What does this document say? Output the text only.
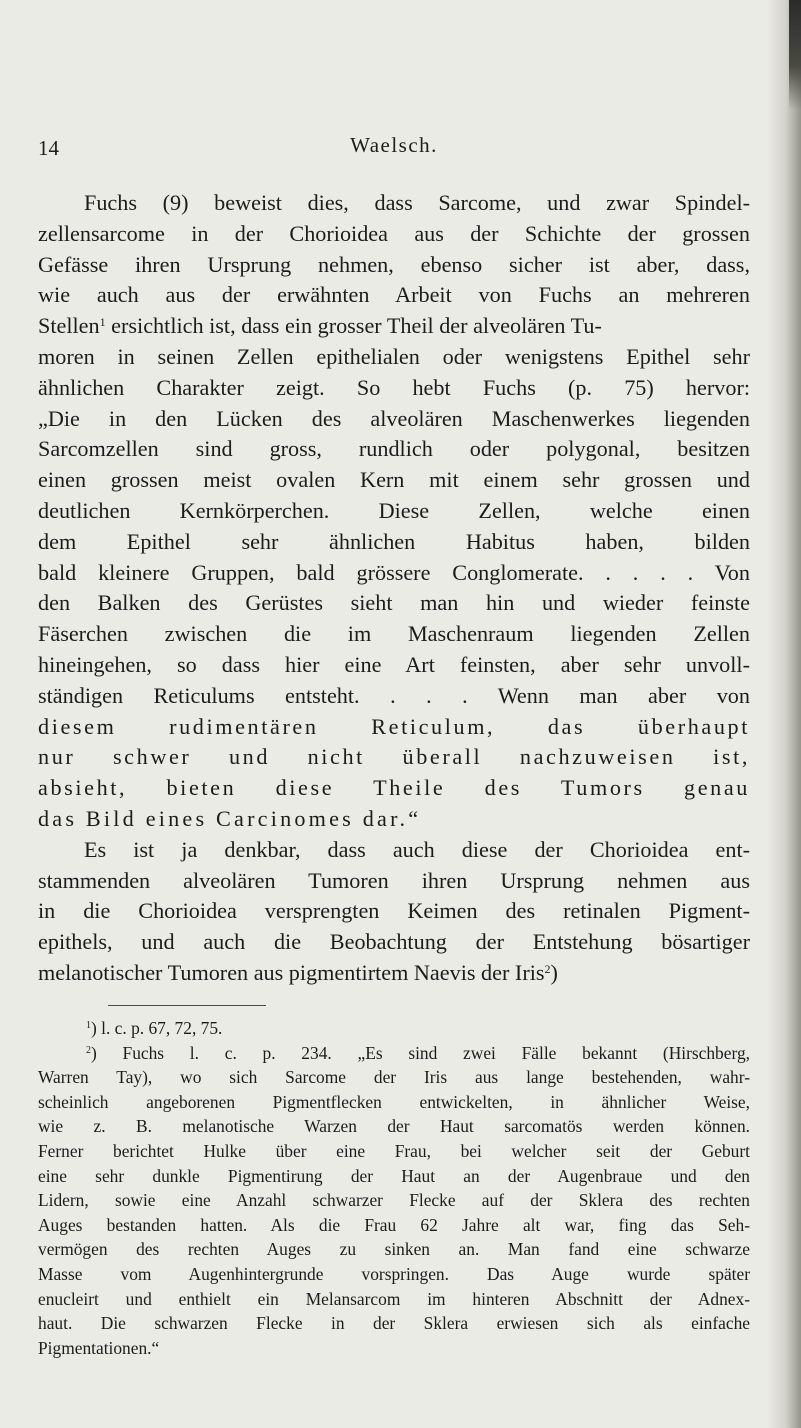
14	Waelsch.
Fuchs (9) beweist dies, dass Sarcome, und zwar Spindel-
zellensarcome in der Chorioidea aus der Schichte der grossen
Gefässe ihren Ursprung nehmen, ebenso sicher ist aber, dass,
wie auch aus der erwähnten Arbeit von Fuchs an mehreren
Stellen$^1$ ersichtlich ist, dass ein grosser Theil der alveolären Tu-
moren in seinen Zellen epithelialen oder wenigstens Epithel sehr
ähnlichen Charakter zeigt. So hebt Fuchs (p. 75) hervor:
„Die in den Lücken des alveolären Maschenwerkes liegenden
Sarcomzellen sind gross, rundlich oder polygonal, besitzen
einen grossen meist ovalen Kern mit einem sehr grossen und
deutlichen Kernkörperchen. Diese Zellen, welche einen
dem Epithel sehr ähnlichen Habitus haben, bilden
bald kleinere Gruppen, bald grössere Conglomerate. . . . . Von
den Balken des Gerüstes sieht man hin und wieder feinste
Fäserchen zwischen die im Maschenraum liegenden Zellen
hineingehen, so dass hier eine Art feinsten, aber sehr unvoll-
ständigen Reticulums entsteht. . . . Wenn man aber von
diesem rudimentären Reticulum, das überhaupt
nur schwer und nicht überall nachzuweisen ist,
absieht, bieten diese Theile des Tumors genau
das Bild eines Carcinomes dar.“
Es ist ja denkbar, dass auch diese der Chorioidea ent-
stammenden alveolären Tumoren ihren Ursprung nehmen aus
in die Chorioidea versprengten Keimen des retinalen Pigment-
epithels, und auch die Beobachtung der Entstehung bösartiger
melanotischer Tumoren aus pigmentirtem Naevis der Iris$^2$)
$^1$) l. c. p. 67, 72, 75.
$^2$) Fuchs l. c. p. 234. „Es sind zwei Fälle bekannt (Hirschberg,
Warren Tay), wo sich Sarcome der Iris aus lange bestehenden, wahr-
scheinlich angeborenen Pigmentflecken entwickelten, in ähnlicher Weise,
wie z. B. melanotische Warzen der Haut sarcomatös werden können.
Ferner berichtet Hulke über eine Frau, bei welcher seit der Geburt
eine sehr dunkle Pigmentirung der Haut an der Augenbraue und den
Lidern, sowie eine Anzahl schwarzer Flecke auf der Sklera des rechten
Auges bestanden hatten. Als die Frau 62 Jahre alt war, fing das Seh-
vermögen des rechten Auges zu sinken an. Man fand eine schwarze
Masse vom Augenhintergrunde vorspringen. Das Auge wurde später
enucleirt und enthielt ein Melansarcom im hinteren Abschnitt der Adnex-
haut. Die schwarzen Flecke in der Sklera erwiesen sich als einfache
Pigmentationen.“
